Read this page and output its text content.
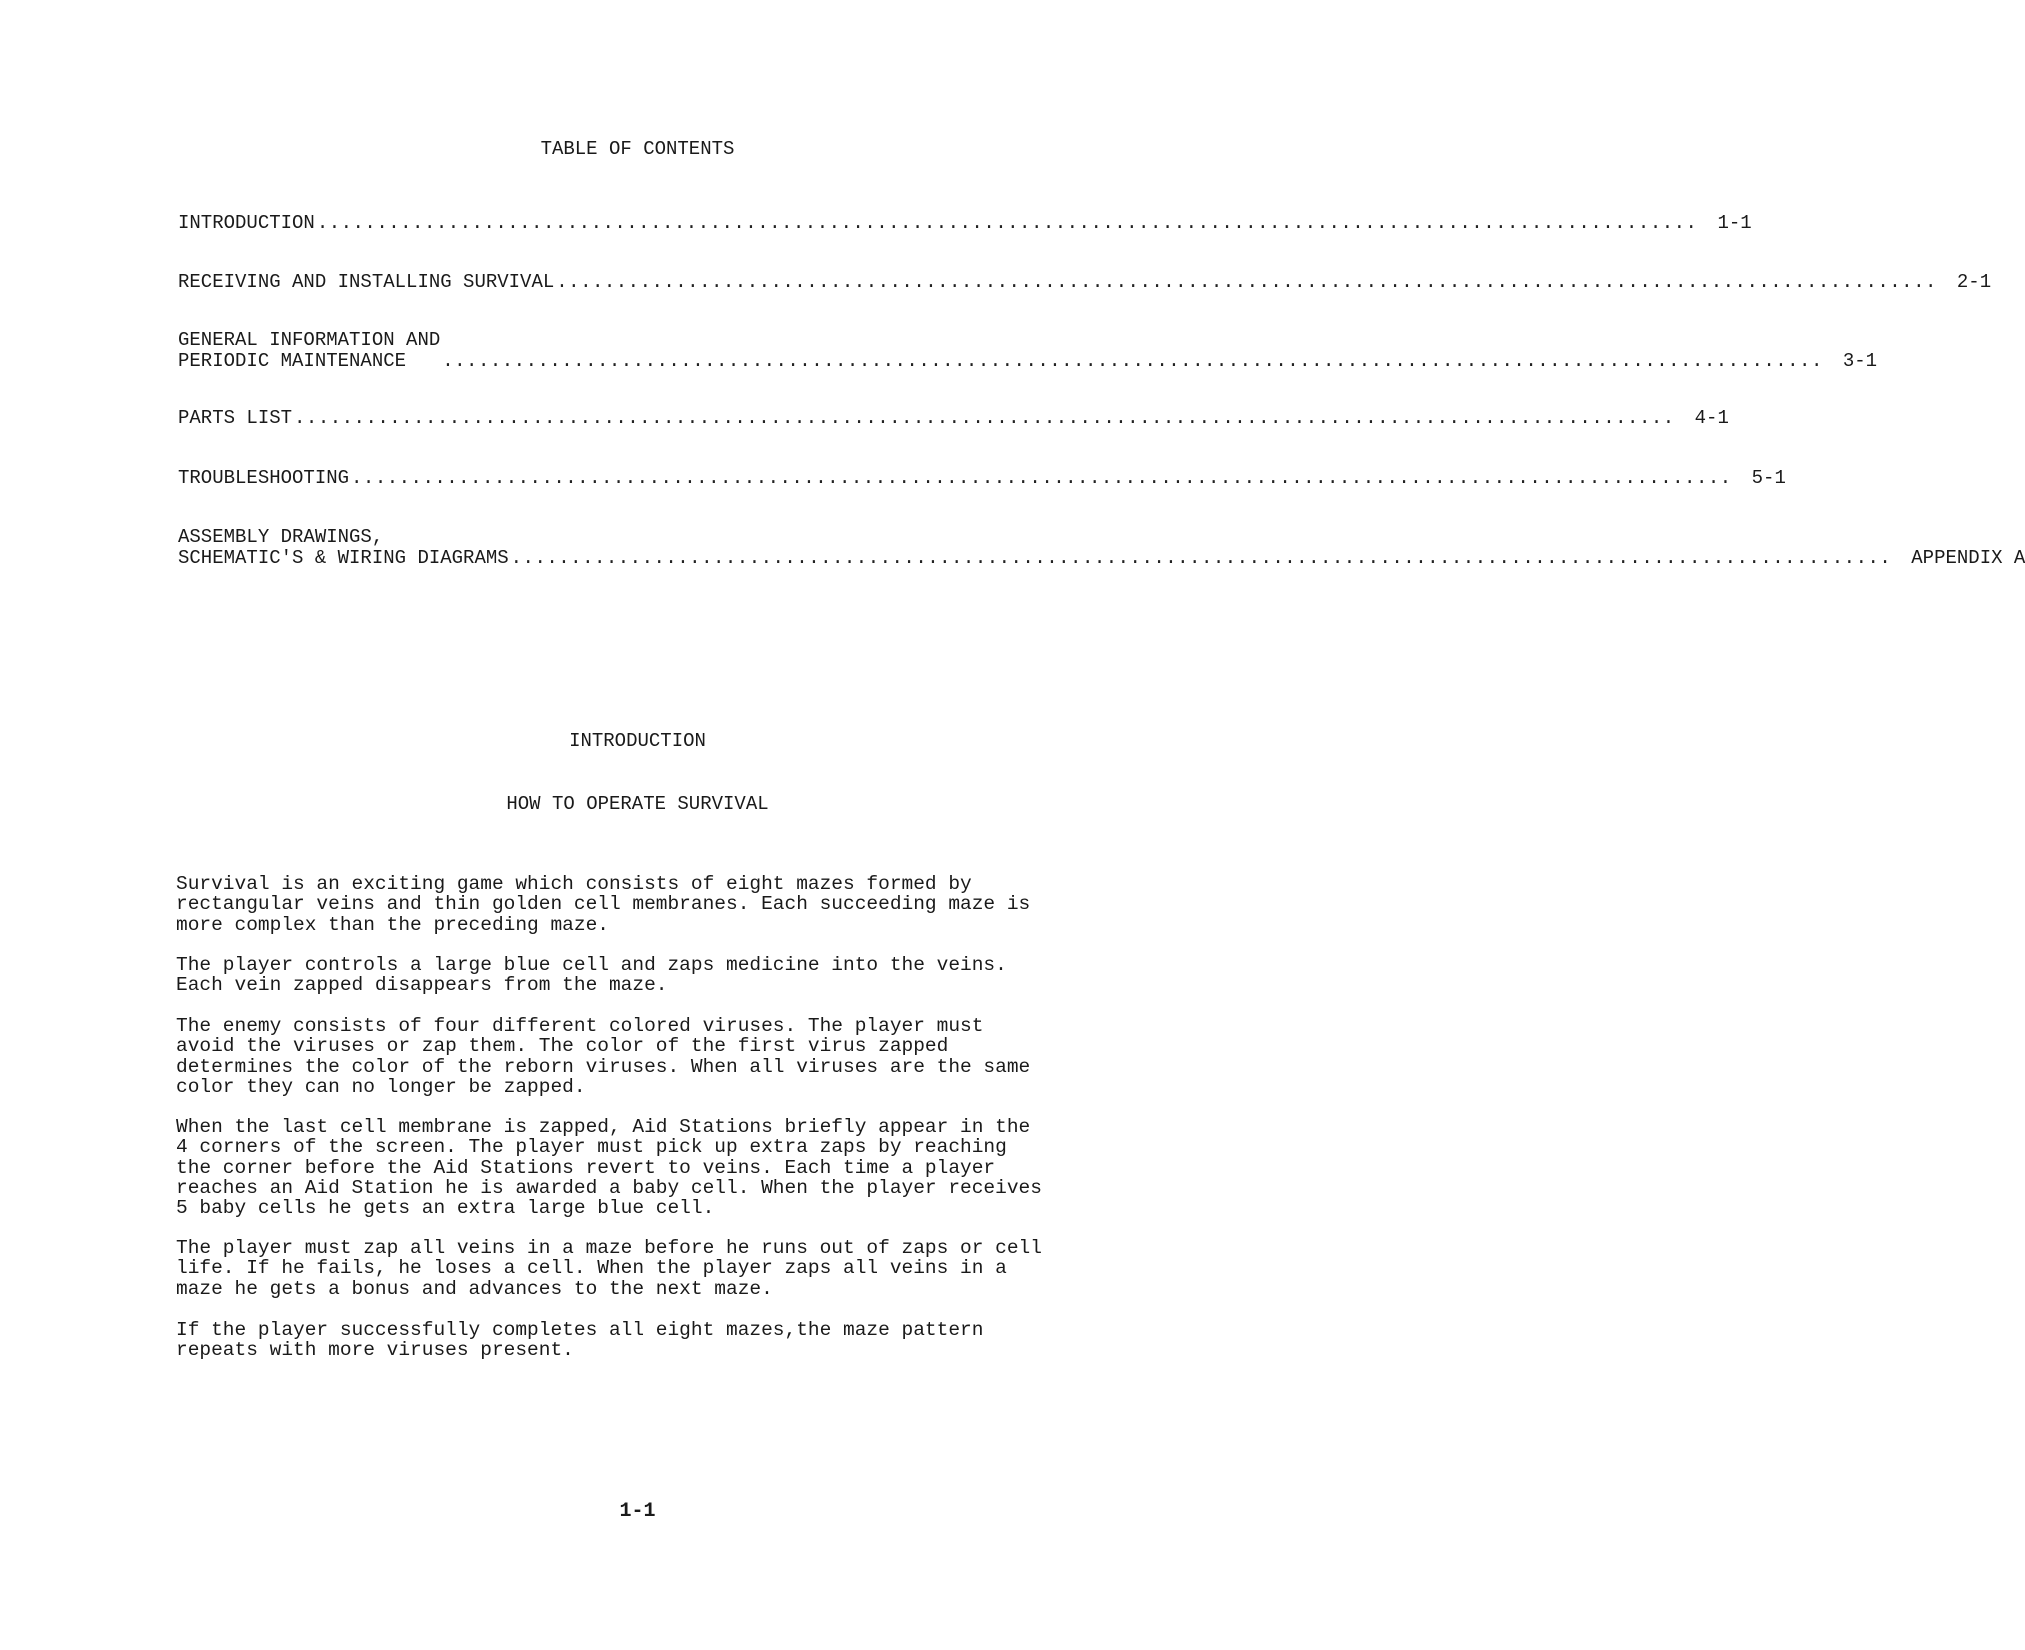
TABLE OF CONTENTS
INTRODUCTION ....................................................................................................................	1-1
RECEIVING AND INSTALLING SURVIVAL ....................................................................................................................	2-1
GENERAL INFORMATION AND
PERIODIC MAINTENANCE	....................................................................................................................	3-1
PARTS LIST ....................................................................................................................	4-1
TROUBLESHOOTING ....................................................................................................................	5-1
ASSEMBLY DRAWINGS,
SCHEMATIC'S & WIRING DIAGRAMS ....................................................................................................................	APPENDIX A
INTRODUCTION
HOW TO OPERATE SURVIVAL

Survival is an exciting game which consists of eight mazes formed by
rectangular veins and thin golden cell membranes. Each succeeding maze is
more complex than the preceding maze.

The player controls a large blue cell and zaps medicine into the veins.
Each vein zapped disappears from the maze.

The enemy consists of four different colored viruses. The player must
avoid the viruses or zap them. The color of the first virus zapped
determines the color of the reborn viruses. When all viruses are the same
color they can no longer be zapped.

When the last cell membrane is zapped, Aid Stations briefly appear in the
4 corners of the screen. The player must pick up extra zaps by reaching
the corner before the Aid Stations revert to veins. Each time a player
reaches an Aid Station he is awarded a baby cell. When the player receives
5 baby cells he gets an extra large blue cell.

The player must zap all veins in a maze before he runs out of zaps or cell
life. If he fails, he loses a cell. When the player zaps all veins in a
maze he gets a bonus and advances to the next maze.

If the player successfully completes all eight mazes,the maze pattern
repeats with more viruses present.

1-1
